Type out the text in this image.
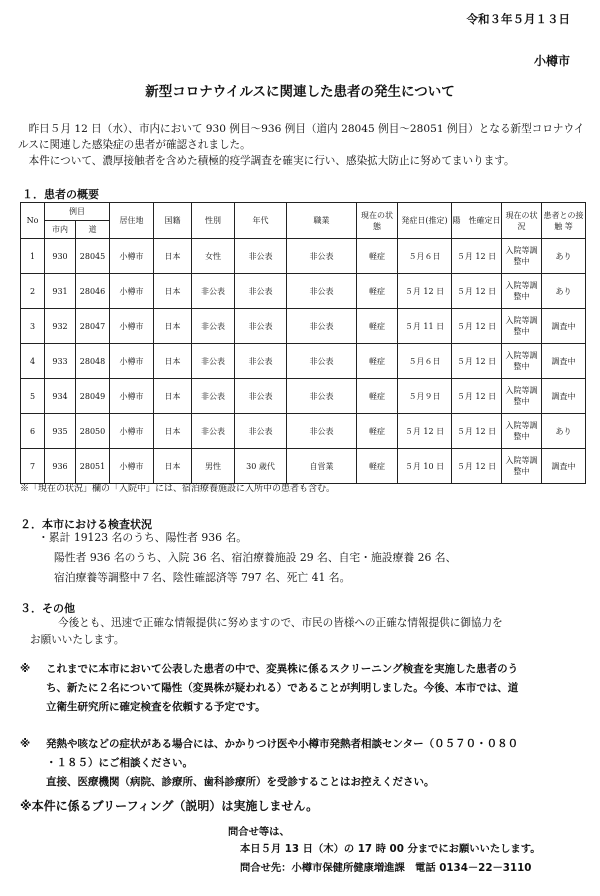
令和３年５月１３日
小樽市
新型コロナウイルスに関連した患者の発生について
　昨日５月 12 日（水）、市内において 930 例目～936 例目（道内 28045 例目～28051 例目）となる新型コロナウイルスに関連した感染症の患者が確認されました。
　本件について、濃厚接触者を含めた積極的疫学調査を確実に行い、感染拡大防止に努めてまいります。
１．患者の概要
No	例目		居住地	国籍	性別	年代	職業	現在の状　態	発症日(推定)	陽　性確定日	現在の状　況	患者との接 触 等
	市内	道										
1	930	28045	小樽市	日本	女性	非公表	非公表	軽症	５月６日	５月 12 日	入院等調整中	あり
2	931	28046	小樽市	日本	非公表	非公表	非公表	軽症	５月 12 日	５月 12 日	入院等調整中	あり
3	932	28047	小樽市	日本	非公表	非公表	非公表	軽症	５月 11 日	５月 12 日	入院等調整中	調査中
4	933	28048	小樽市	日本	非公表	非公表	非公表	軽症	５月６日	５月 12 日	入院等調整中	調査中
5	934	28049	小樽市	日本	非公表	非公表	非公表	軽症	５月９日	５月 12 日	入院等調整中	調査中
6	935	28050	小樽市	日本	非公表	非公表	非公表	軽症	５月 12 日	５月 12 日	入院等調整中	あり
7	936	28051	小樽市	日本	男性	30 歳代	自営業	軽症	５月 10 日	５月 12 日	入院等調整中	調査中
※「現在の状況」欄の「入院中」には、宿泊療養施設に入所中の患者も含む。
２．本市における検査状況
・累計 19123 名のうち、陽性者 936 名。
陽性者 936 名のうち、入院 36 名、宿泊療養施設 29 名、自宅・施設療養 26 名、
宿泊療養等調整中７名、陰性確認済等 797 名、死亡 41 名。
３．その他
今後とも、迅速で正確な情報提供に努めますので、市民の皆様への正確な情報提供に御協力を
お願いいたします。
※ これまでに本市において公表した患者の中で、変異株に係るスクリーニング検査を実施した患者のう
ち、新たに２名について陽性（変異株が疑われる）であることが判明しました。今後、本市では、道
立衛生研究所に確定検査を依頼する予定です。
※ 発熱や咳などの症状がある場合には、かかりつけ医や小樽市発熱者相談センター（０５７０・０８０
・１８５）にご相談ください。
直接、医療機関（病院、診療所、歯科診療所）を受診することはお控えください。
※本件に係るブリーフィング（説明）は実施しません。
問合せ等は、
本日５月 13 日（木）の 17 時 00 分までにお願いいたします。
問合せ先：小樽市保健所健康増進課　電話 0134－22－3110
